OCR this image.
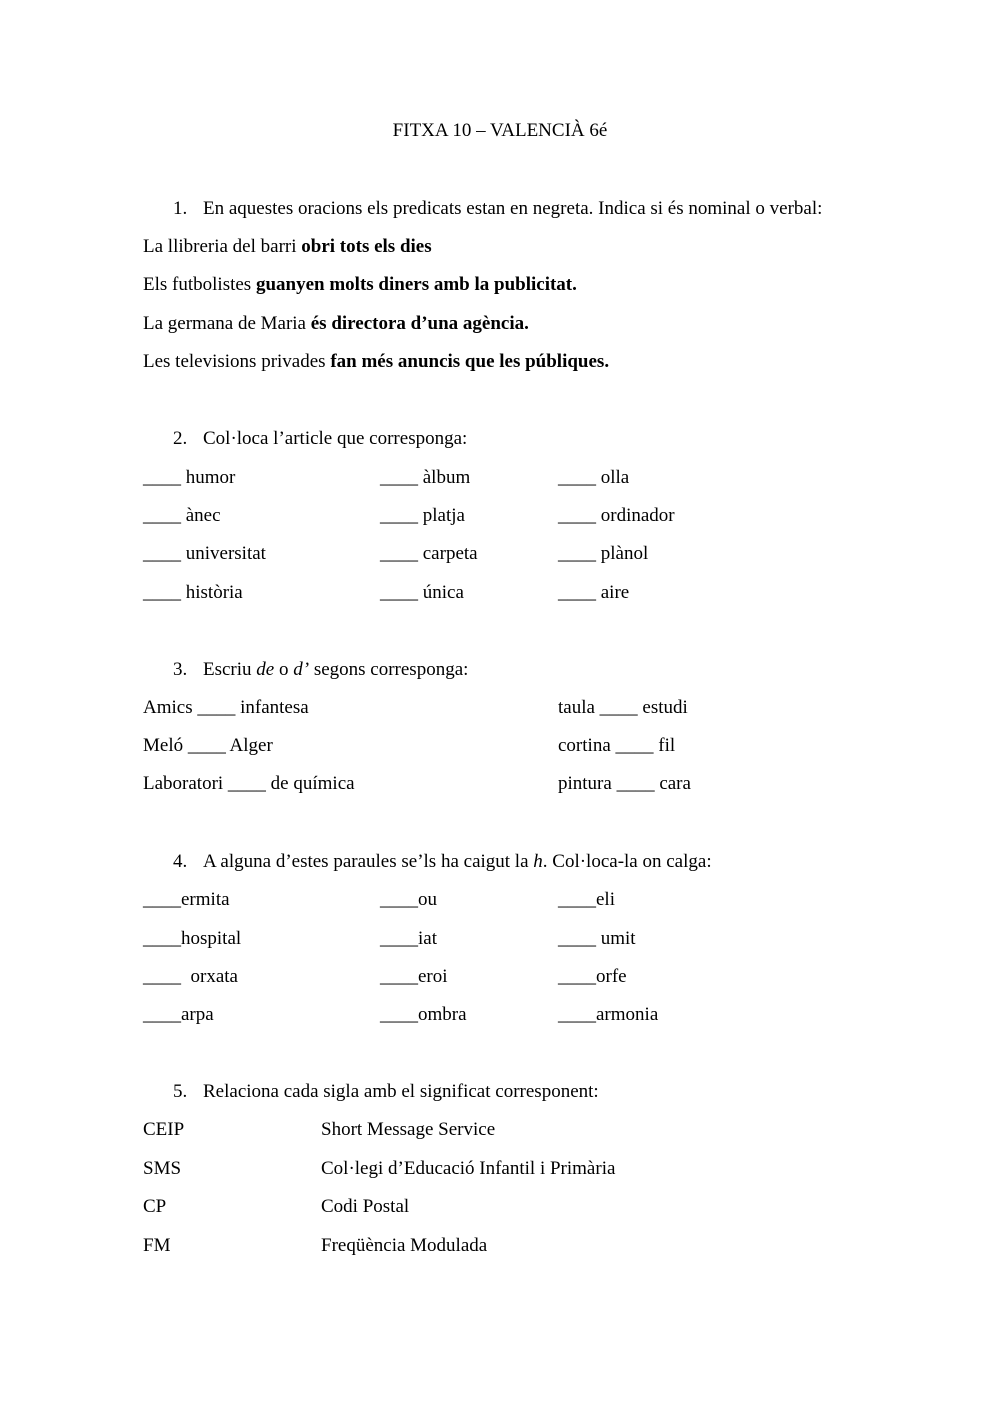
FITXA 10 – VALENCIÀ 6é
1. En aquestes oracions els predicats estan en negreta. Indica si és nominal o verbal:
La llibreria del barri obri tots els dies
Els futbolistes guanyen molts diners amb la publicitat.
La germana de Maria és directora d’una agència.
Les televisions privades fan més anuncis que les públiques.
2. Col·loca l’article que corresponga:
____ humor	____ àlbum	____ olla
____ ànec	____ platja	____ ordinador
____ universitat	____ carpeta	____ plànol
____ història	____ única	____ aire
3. Escriu de o d’ segons corresponga:
Amics ____ infantesa	taula ____ estudi
Meló ____ Alger	cortina ____ fil
Laboratori ____ de química	pintura ____ cara
4. A alguna d’estes paraules se’ls ha caigut la h. Col·loca-la on calga:
____ermita	____ou	____eli
____hospital	____iat	____ umit
____  orxata	____eroi	____orfe
____arpa	____ombra	____armonia
5. Relaciona cada sigla amb el significat corresponent:
CEIP	Short Message Service
SMS	Col·legi d’Educació Infantil i Primària
CP	Codi Postal
FM	Freqüència Modulada
